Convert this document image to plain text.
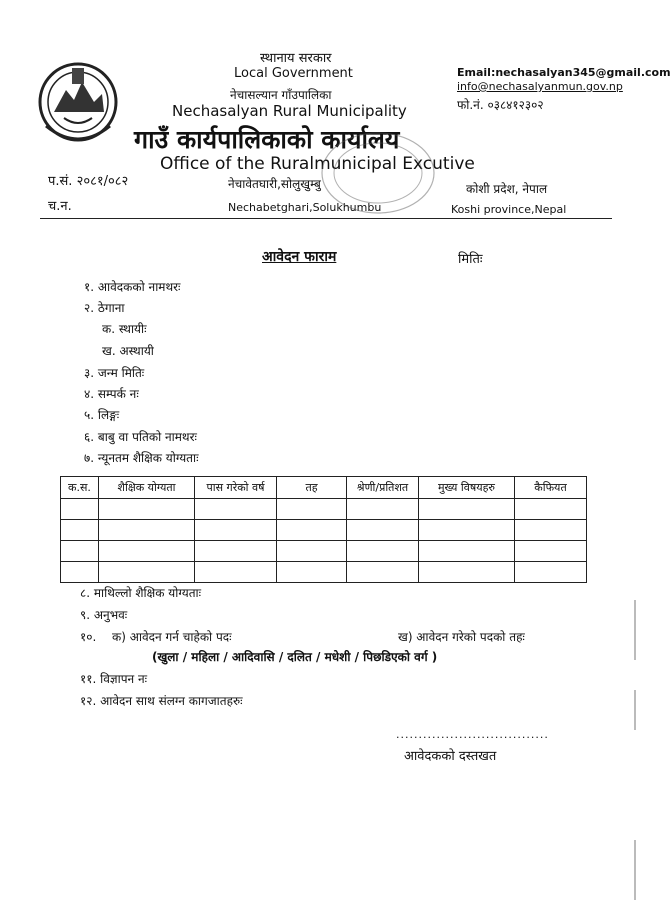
स्थानाय सरकार
Local Government
नेचासल्यान गाँउपालिका
Nechasalyan Rural Municipality
गाउँ कार्यपालिकाको कार्यालय
Office of the Ruralmunicipal Excutive
नेचावेतघारी,सोलुखुम्बु
Nechabetghari,Solukhumbu
Email:nechasalyan345@gmail.com
info@nechasalyanmun.gov.np
फो.नं. ०३८४१२३०२
कोशी प्रदेश, नेपाल
Koshi province,Nepal
प.सं. २०८१/०८२
च.न.
आवेदन फाराम	मितिः
१. आवेदकको नामथरः
२. ठेगाना
क. स्थायीः
ख. अस्थायी
३. जन्म मितिः
४. सम्पर्क नः
५. लिङ्गः
६. बाबु वा पतिको नामथरः
७. न्यूनतम शैक्षिक योग्यताः
क.स.	शैक्षिक योग्यता	पास गरेको वर्ष	तह	श्रेणी/प्रतिशत	मुख्य विषयहरु	कैफियत

८. माथिल्लो शैक्षिक योग्यताः
९. अनुभवः
१०. क) आवेदन गर्न चाहेको पदः	ख) आवेदन गरेको पदको तहः
(खुला / महिला / आदिवासि / दलित / मधेशी / पिछडिएको वर्ग )
११. विज्ञापन नः
१२. आवेदन साथ संलग्न कागजातहरुः
..................................
आवेदकको दस्तखत
